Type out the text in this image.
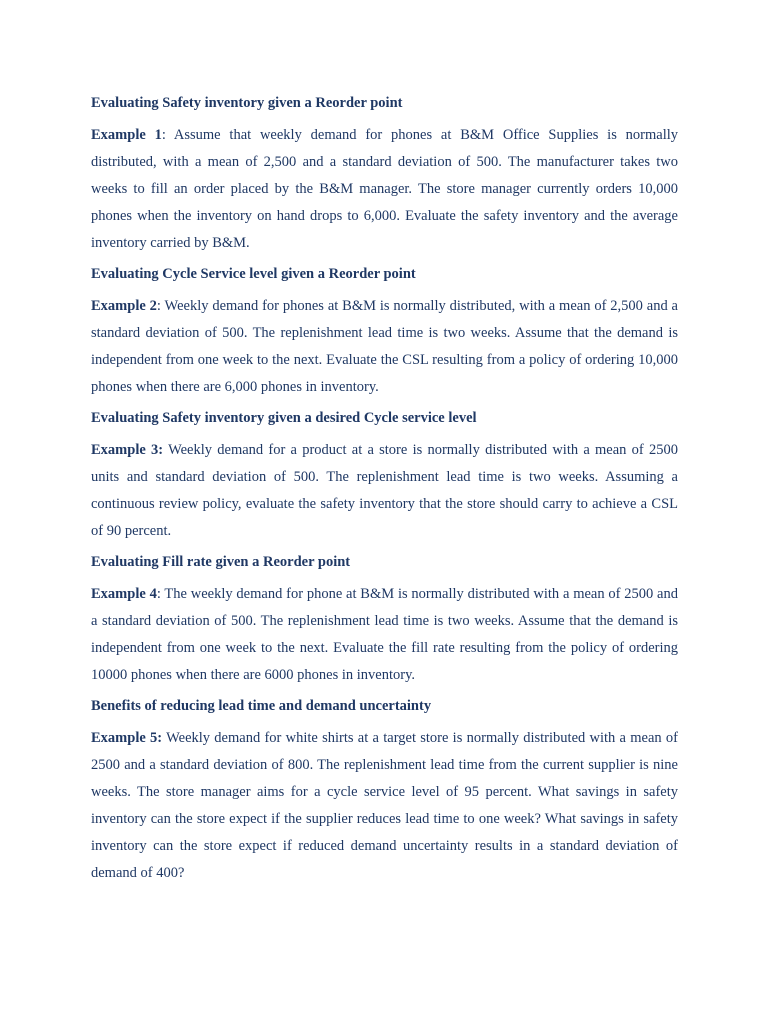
Evaluating Safety inventory given a Reorder point

Example 1: Assume that weekly demand for phones at B&M Office Supplies is normally distributed, with a mean of 2,500 and a standard deviation of 500. The manufacturer takes two weeks to fill an order placed by the B&M manager. The store manager currently orders 10,000 phones when the inventory on hand drops to 6,000. Evaluate the safety inventory and the average inventory carried by B&M.

Evaluating Cycle Service level given a Reorder point

Example 2: Weekly demand for phones at B&M is normally distributed, with a mean of 2,500 and a standard deviation of 500. The replenishment lead time is two weeks. Assume that the demand is independent from one week to the next. Evaluate the CSL resulting from a policy of ordering 10,000 phones when there are 6,000 phones in inventory.

Evaluating Safety inventory given a desired Cycle service level

Example 3: Weekly demand for a product at a store is normally distributed with a mean of 2500 units and standard deviation of 500. The replenishment lead time is two weeks. Assuming a continuous review policy, evaluate the safety inventory that the store should carry to achieve a CSL of 90 percent.

Evaluating Fill rate given a Reorder point

Example 4: The weekly demand for phone at B&M is normally distributed with a mean of 2500 and a standard deviation of 500. The replenishment lead time is two weeks. Assume that the demand is independent from one week to the next. Evaluate the fill rate resulting from the policy of ordering 10000 phones when there are 6000 phones in inventory.

Benefits of reducing lead time and demand uncertainty

Example 5: Weekly demand for white shirts at a target store is normally distributed with a mean of 2500 and a standard deviation of 800. The replenishment lead time from the current supplier is nine weeks. The store manager aims for a cycle service level of 95 percent. What savings in safety inventory can the store expect if the supplier reduces lead time to one week? What savings in safety inventory can the store expect if reduced demand uncertainty results in a standard deviation of demand of 400?
